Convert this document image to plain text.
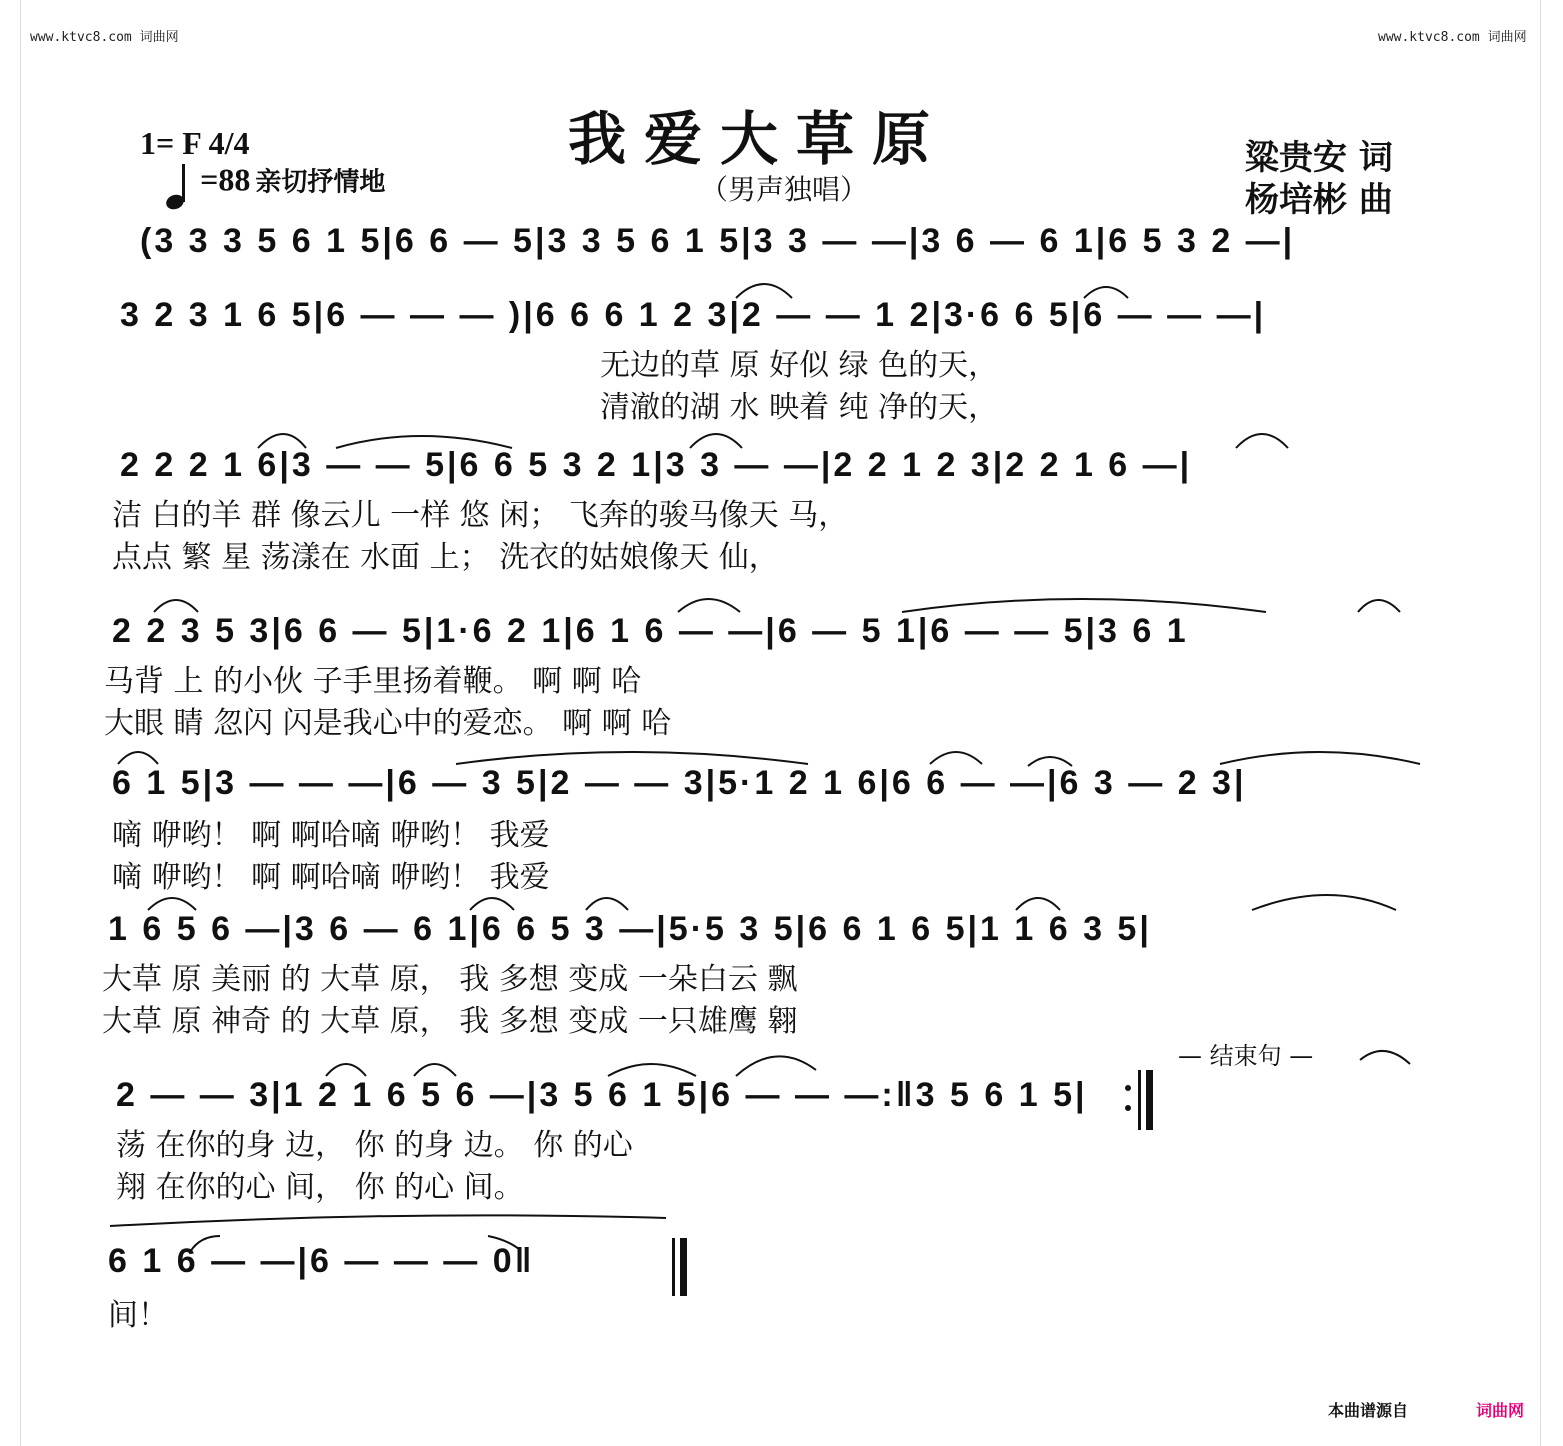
www.ktvc8.com 词曲网	www.ktvc8.com 词曲网
我爱大草原
（男声独唱）
粱贵安 词
杨培彬 曲
1= F 4/4
=88 亲切抒情地
(3 3 3 5 6 1 5|6 6 — 5|3 3 5 6 1 5|3 3 — —|3 6 — 6 1|6 5 3 2 —|
3 2 3 1 6 5|6 — — — )|6 6 6 1 2 3|2 — — 1 2|3·6 6 5|6 — — —|
无边的草 原 好似 绿 色的天，
清澈的湖 水 映着 纯 净的天，
2 2 2 1 6|3 — — 5|6 6 5 3 2 1|3 3 — —|2 2 1 2 3|2 2 1 6 —|
洁 白的羊 群 像云儿 一样 悠 闲； 飞奔的骏马像天 马，
点点 繁 星 荡漾在 水面 上； 洗衣的姑娘像天 仙，
2 2 3 5 3|6 6 — 5|1·6 2 1|6 1 6 — —|6 — 5 1|6 — — 5|3 6 1
马背 上 的小伙 子手里扬着鞭。 啊 啊 哈
大眼 睛 忽闪 闪是我心中的爱恋。 啊 啊 哈
6 1 5|3 — — —|6 — 3 5|2 — — 3|5·1 2 1 6|6 6 — —|6 3 — 2 3|
嘀 咿哟！ 啊 啊哈嘀 咿哟！ 我爱
嘀 咿哟！ 啊 啊哈嘀 咿哟！ 我爱
1 6 5 6 —|3 6 — 6 1|6 6 5 3 —|5·5 3 5|6 6 1 6 5|1 1 6 3 5|
大草 原 美丽 的 大草 原， 我 多想 变成 一朵白云 飘
大草 原 神奇 的 大草 原， 我 多想 变成 一只雄鹰 翱
— 结束句 —
2 — — 3|1 2 1 6 5 6 —|3 5 6 1 5|6 — — —:‖3 5 6 1 5|
荡 在你的身 边， 你 的身 边。 你 的心
翔 在你的心 间， 你 的心 间。
6 1 6 — —|6 — — — 0‖
间！
本曲谱源自	词曲网
